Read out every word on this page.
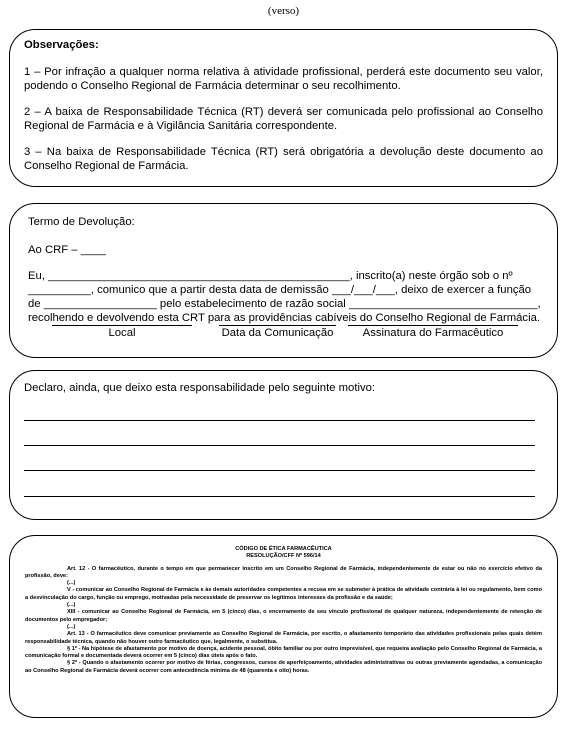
(verso)
Observações:

1 – Por infração a qualquer norma relativa à atividade profissional, perderá este documento seu valor, podendo o Conselho Regional de Farmácia determinar o seu recolhimento.

2 – A baixa de Responsabilidade Técnica (RT) deverá ser comunicada pelo profissional ao Conselho Regional de Farmácia e à Vigilância Sanitária correspondente.

3 – Na baixa de Responsabilidade Técnica (RT) será obrigatória a devolução deste documento ao Conselho Regional de Farmácia.

Termo de Devolução:
Ao CRF – ____
Eu, ________________________________________________, inscrito(a) neste órgão sob o nº
__________, comunico que a partir desta data de demissão ___/___/___, deixo de exercer a função
de __________________ pelo estabelecimento de razão social ______________________________,
recolhendo e devolvendo esta CRT para as providências cabíveis do Conselho Regional de Farmácia.
Local	Data da Comunicação	Assinatura do Farmacêutico
Declaro, ainda, que deixo esta responsabilidade pelo seguinte motivo:
CÓDIGO DE ÉTICA FARMACÊUTICA
RESOLUÇÃO/CFF Nº 596/14

Art. 12 - O farmacêutico, durante o tempo em que permanecer inscrito em um Conselho Regional de Farmácia, independentemente de estar ou não no exercício efetivo da profissão, deve:

(...)

V - comunicar ao Conselho Regional de Farmácia e às demais autoridades competentes a recusa em se submeter à prática de atividade contrária à lei ou regulamento, bem como a desvinculação do cargo, função ou emprego, motivadas pela necessidade de preservar os legítimos interesses da profissão e da saúde;

(...)

XIII - comunicar ao Conselho Regional de Farmácia, em 5 (cinco) dias, o encerramento de seu vínculo profissional de qualquer natureza, independentemente de retenção de documentos pelo empregador;

(...)

Art. 13 - O farmacêutico deve comunicar previamente ao Conselho Regional de Farmácia, por escrito, o afastamento temporário das atividades profissionais pelas quais detém responsabilidade técnica, quando não houver outro farmacêutico que, legalmente, o substitua.

§ 1º - Na hipótese de afastamento por motivo de doença, acidente pessoal, óbito familiar ou por outro imprevisível, que requeira avaliação pelo Conselho Regional de Farmácia, a comunicação formal e documentada deverá ocorrer em 5 (cinco) dias úteis após o fato.

§ 2º - Quando o afastamento ocorrer por motivo de férias, congressos, cursos de aperfeiçoamento, atividades administrativas ou outras previamente agendadas, a comunicação ao Conselho Regional de Farmácia deverá ocorrer com antecedência mínima de 48 (quarenta e oito) horas.
